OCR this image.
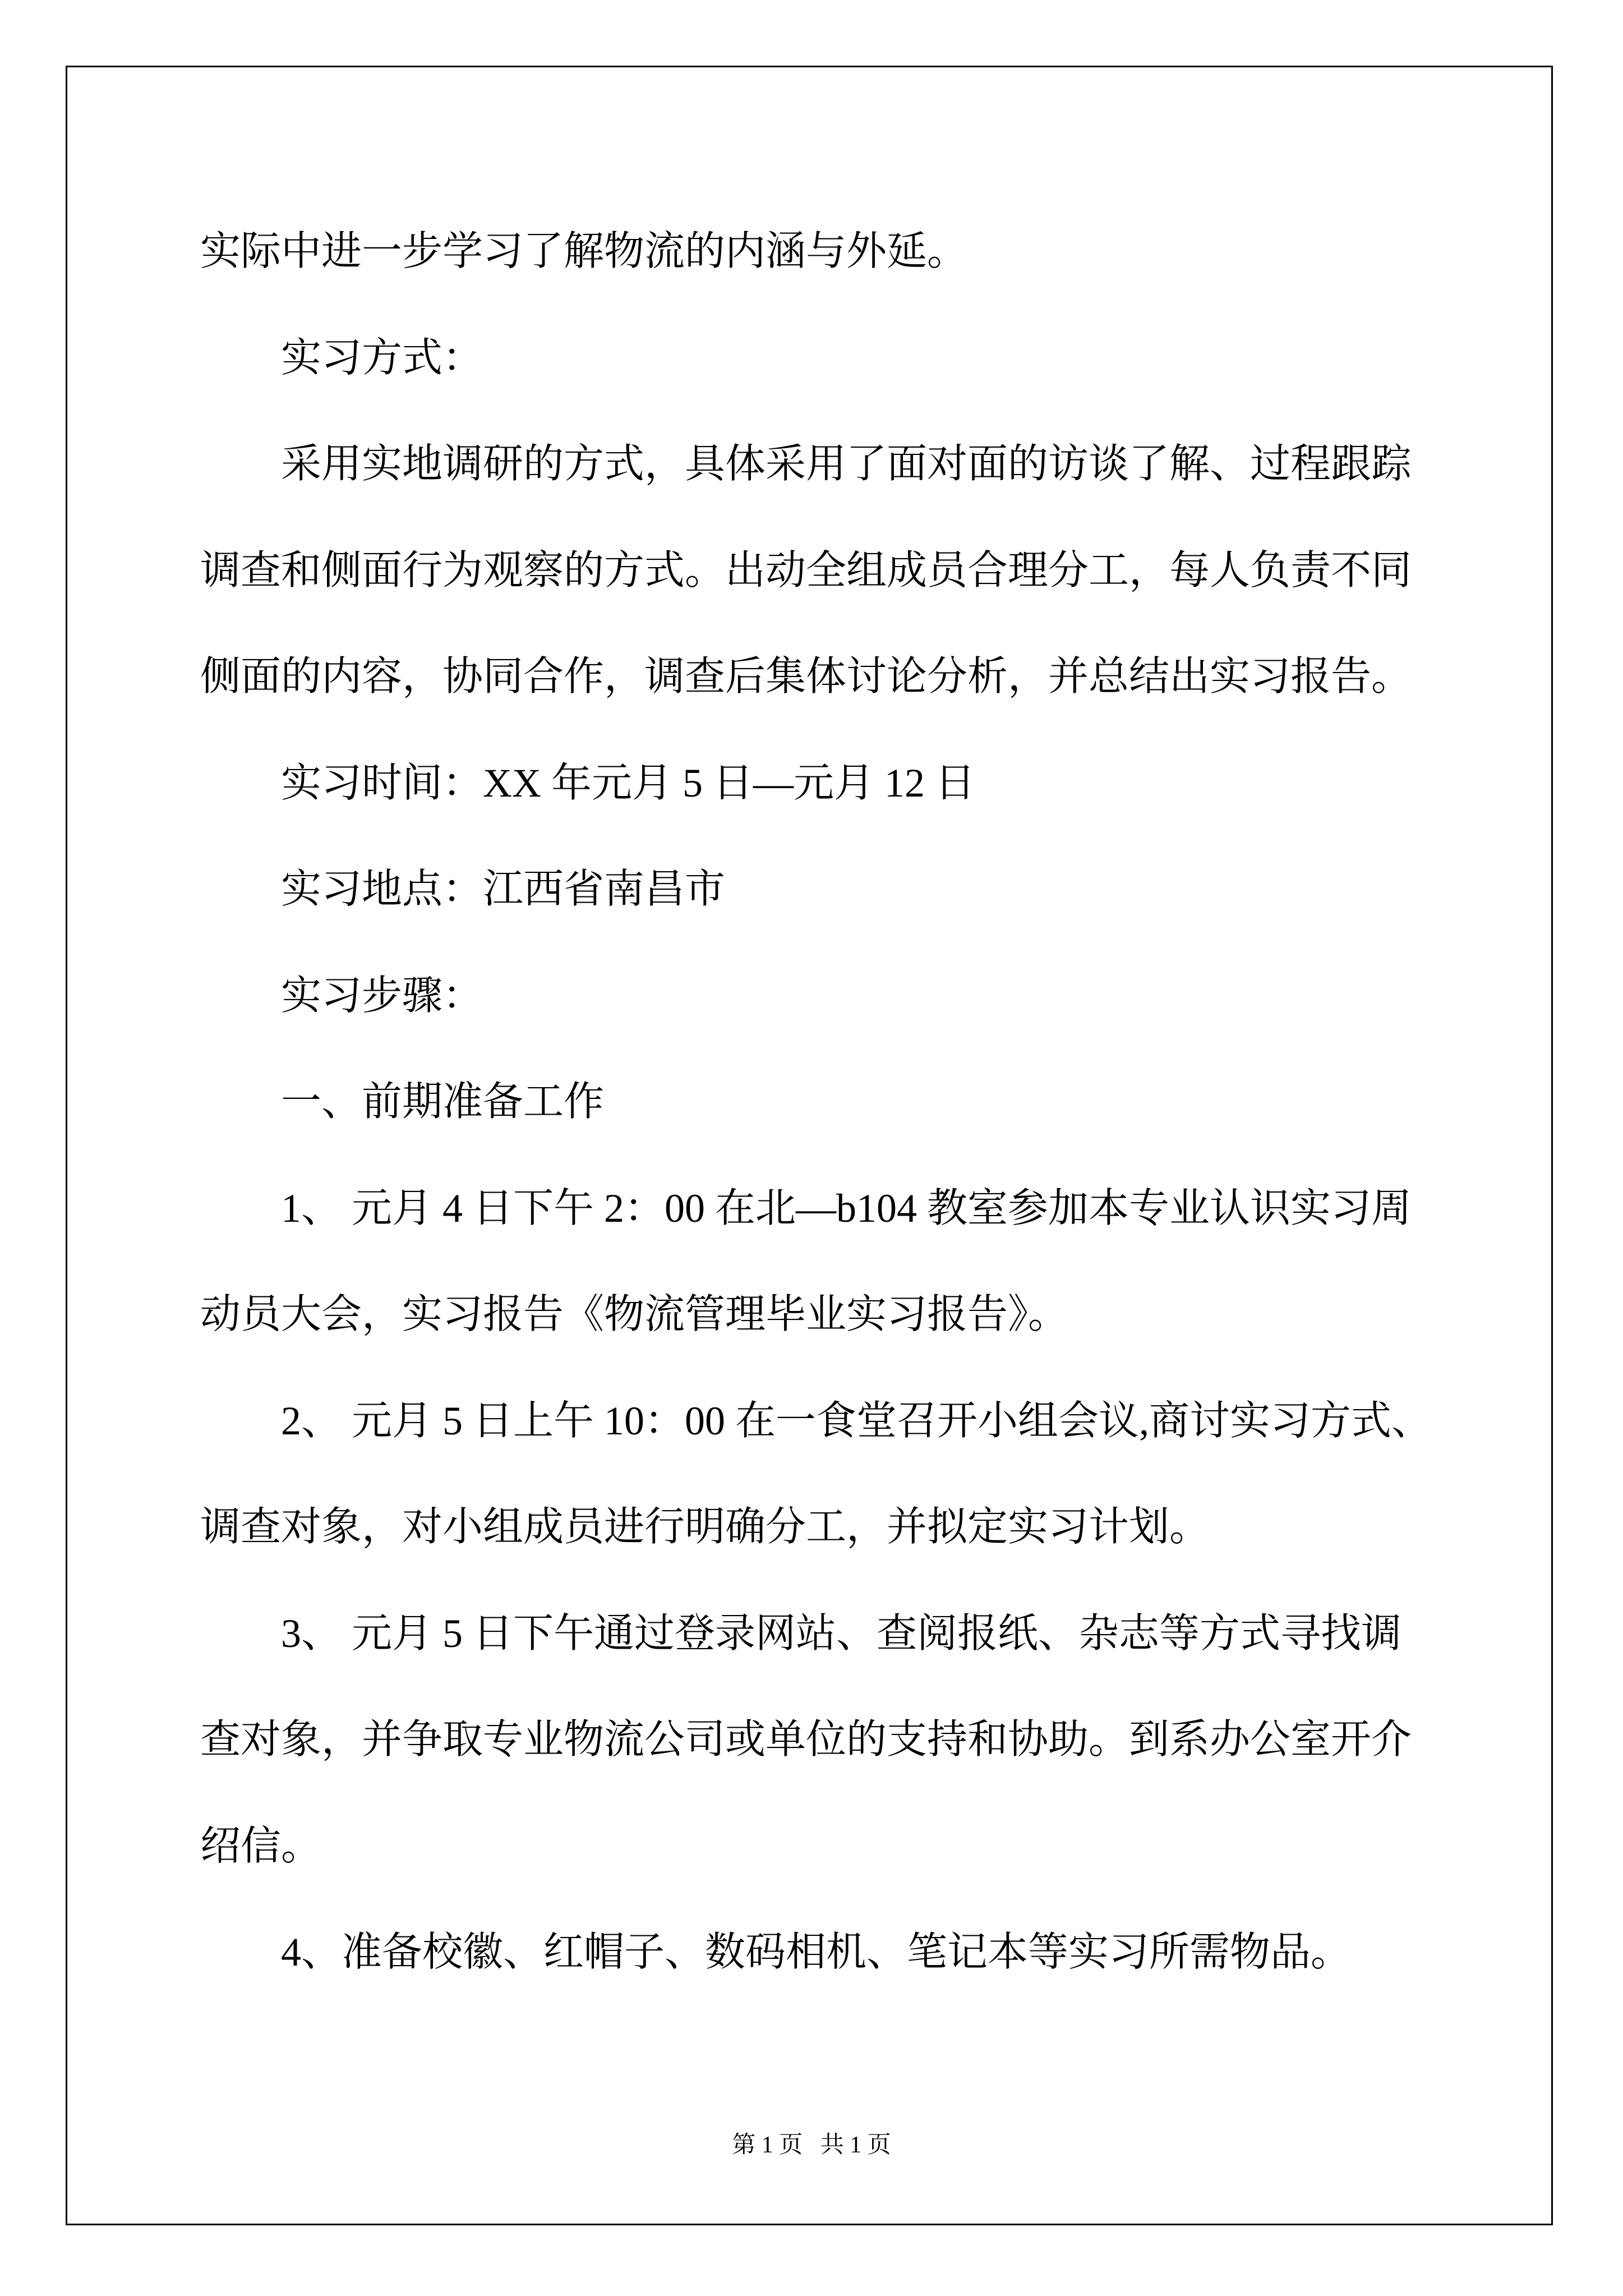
实际中进一步学习了解物流的内涵与外延。
实习方式：
采用实地调研的方式，具体采用了面对面的访谈了解、过程跟踪
调查和侧面行为观察的方式。出动全组成员合理分工，每人负责不同
侧面的内容，协同合作，调查后集体讨论分析，并总结出实习报告。
实习时间：XX 年元月 5 日—元月 12 日
实习地点：江西省南昌市
实习步骤：
一、前期准备工作
1、 元月 4 日下午 2：00 在北—b104 教室参加本专业认识实习周
动员大会，实习报告《物流管理毕业实习报告》。
2、 元月 5 日上午 10：00 在一食堂召开小组会议,商讨实习方式、
调查对象，对小组成员进行明确分工，并拟定实习计划。
3、 元月 5 日下午通过登录网站、查阅报纸、杂志等方式寻找调
查对象，并争取专业物流公司或单位的支持和协助。到系办公室开介
绍信。
4、准备校徽、红帽子、数码相机、笔记本等实习所需物品。
第 1 页   共 1 页
